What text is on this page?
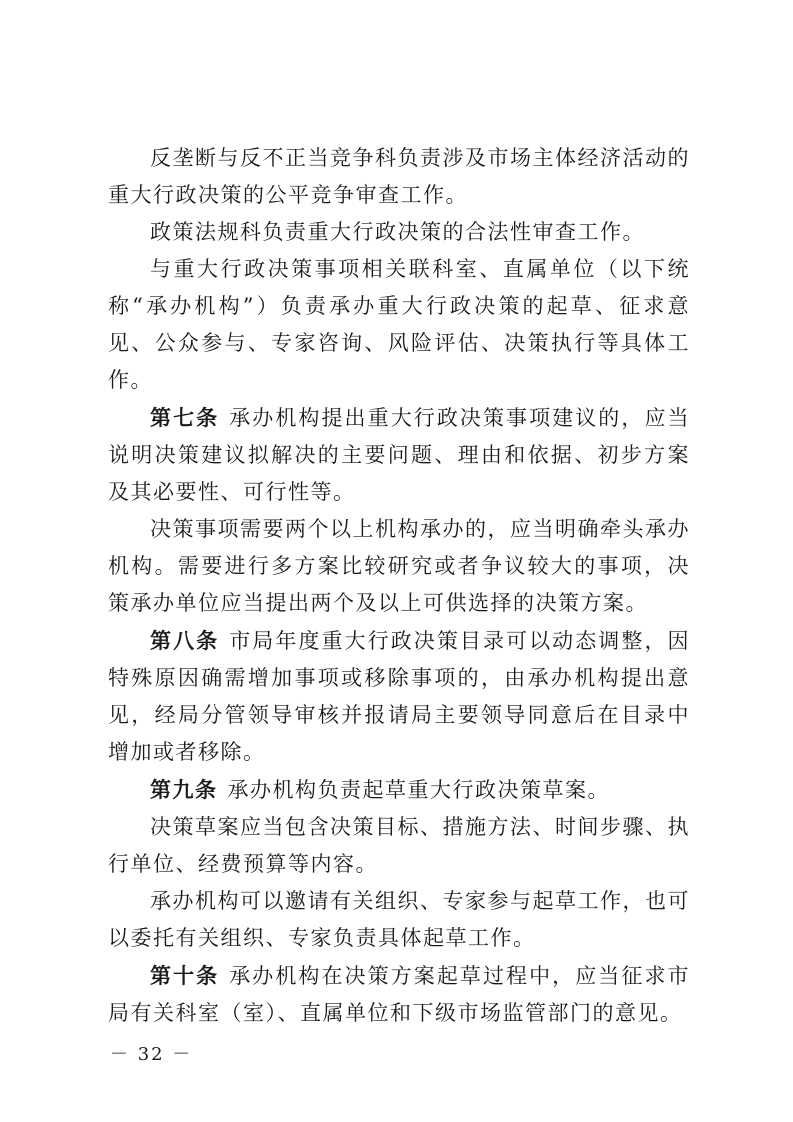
反垄断与反不正当竞争科负责涉及市场主体经济活动的重大行政决策的公平竞争审查工作。

政策法规科负责重大行政决策的合法性审查工作。

与重大行政决策事项相关联科室、直属单位（以下统称“承办机构”）负责承办重大行政决策的起草、征求意见、公众参与、专家咨询、风险评估、决策执行等具体工作。

第七条 承办机构提出重大行政决策事项建议的，应当说明决策建议拟解决的主要问题、理由和依据、初步方案及其必要性、可行性等。

决策事项需要两个以上机构承办的，应当明确牵头承办机构。需要进行多方案比较研究或者争议较大的事项，决策承办单位应当提出两个及以上可供选择的决策方案。

第八条 市局年度重大行政决策目录可以动态调整，因特殊原因确需增加事项或移除事项的，由承办机构提出意见，经局分管领导审核并报请局主要领导同意后在目录中增加或者移除。

第九条 承办机构负责起草重大行政决策草案。

决策草案应当包含决策目标、措施方法、时间步骤、执行单位、经费预算等内容。

承办机构可以邀请有关组织、专家参与起草工作，也可以委托有关组织、专家负责具体起草工作。

第十条 承办机构在决策方案起草过程中，应当征求市局有关科室（室）、直属单位和下级市场监管部门的意见。

－ 32 －
